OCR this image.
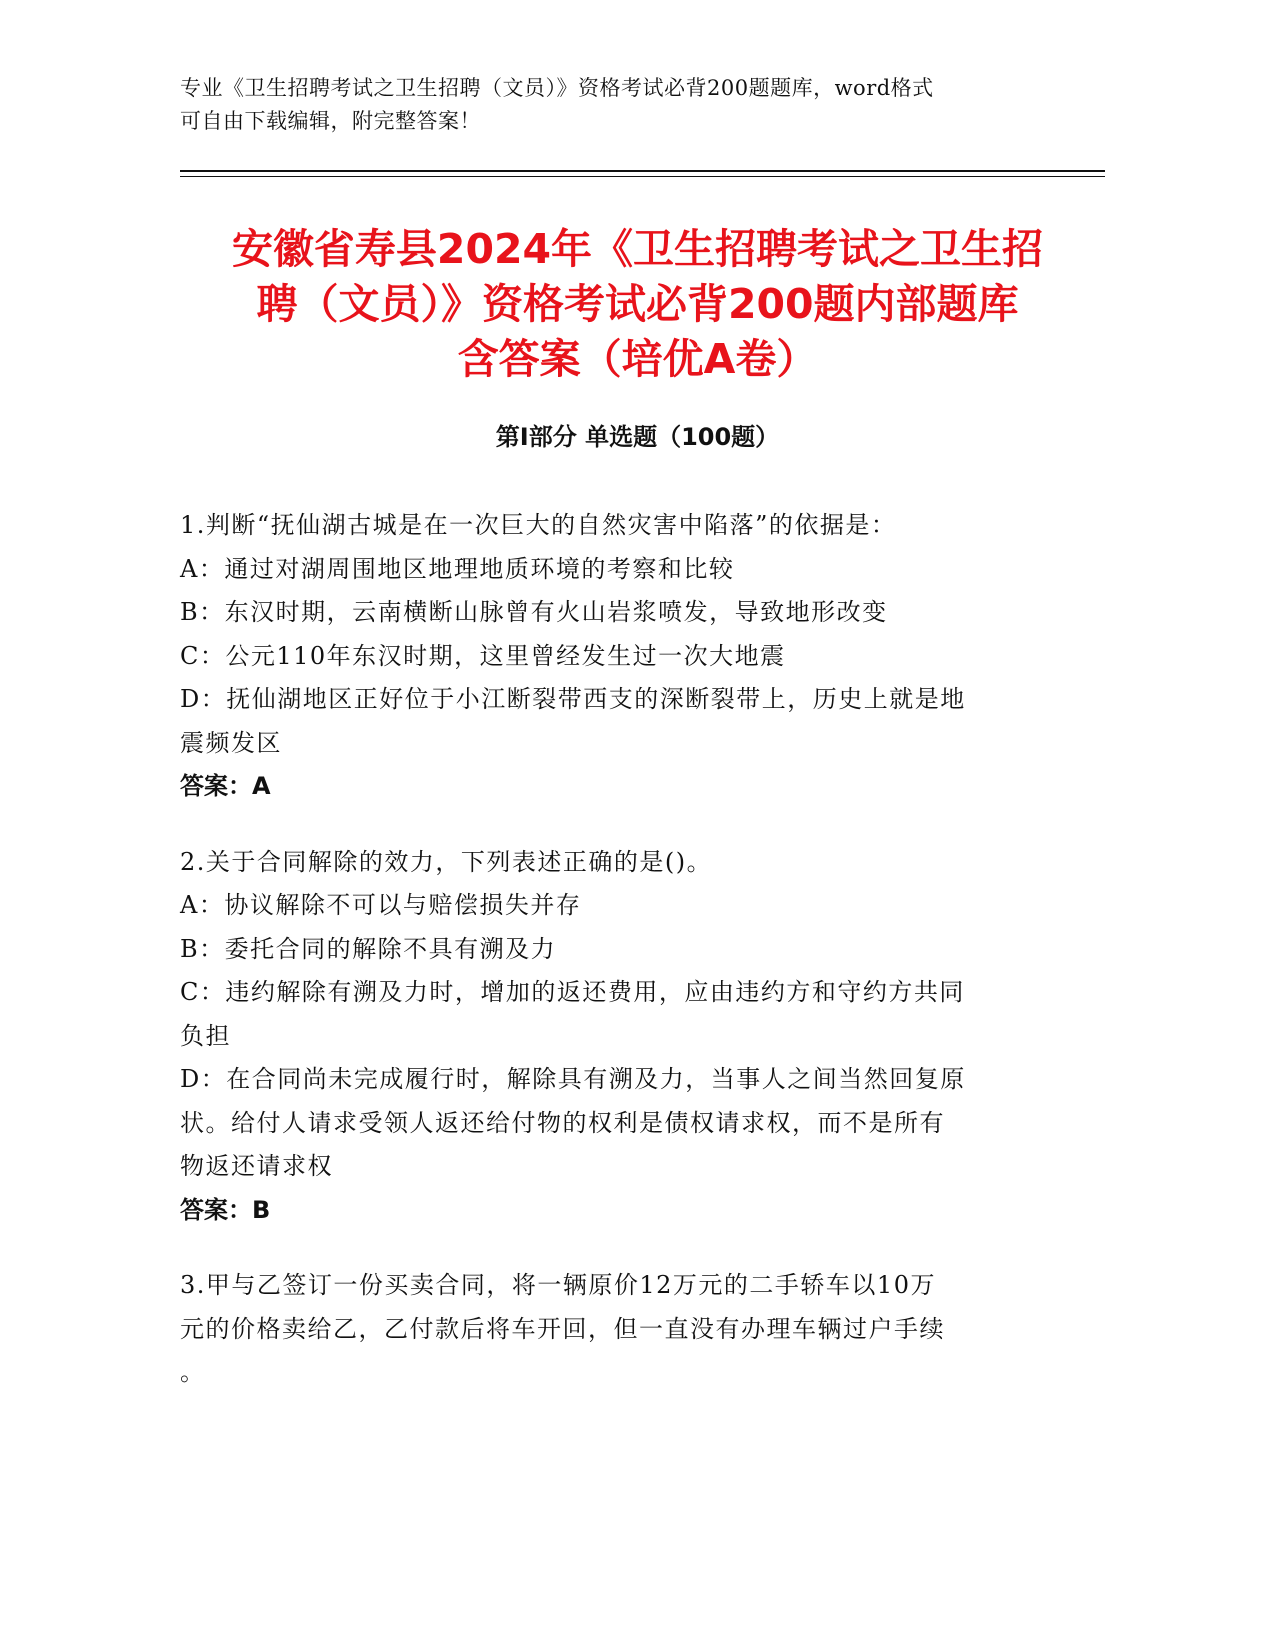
专业《卫生招聘考试之卫生招聘（文员）》资格考试必背200题题库，word格式
可自由下载编辑，附完整答案！
安徽省寿县2024年《卫生招聘考试之卫生招
聘（文员）》资格考试必背200题内部题库
含答案（培优A卷）
第Ⅰ部分 单选题（100题）
1.判断“抚仙湖古城是在一次巨大的自然灾害中陷落”的依据是：
A：通过对湖周围地区地理地质环境的考察和比较
B：东汉时期，云南横断山脉曾有火山岩浆喷发，导致地形改变
C：公元110年东汉时期，这里曾经发生过一次大地震
D：抚仙湖地区正好位于小江断裂带西支的深断裂带上，历史上就是地
震频发区
答案：A
2.关于合同解除的效力，下列表述正确的是()。
A：协议解除不可以与赔偿损失并存
B：委托合同的解除不具有溯及力
C：违约解除有溯及力时，增加的返还费用，应由违约方和守约方共同
负担
D：在合同尚未完成履行时，解除具有溯及力，当事人之间当然回复原
状。给付人请求受领人返还给付物的权利是债权请求权，而不是所有
物返还请求权
答案：B
3.甲与乙签订一份买卖合同，将一辆原价12万元的二手轿车以10万
元的价格卖给乙，乙付款后将车开回，但一直没有办理车辆过户手续
。
